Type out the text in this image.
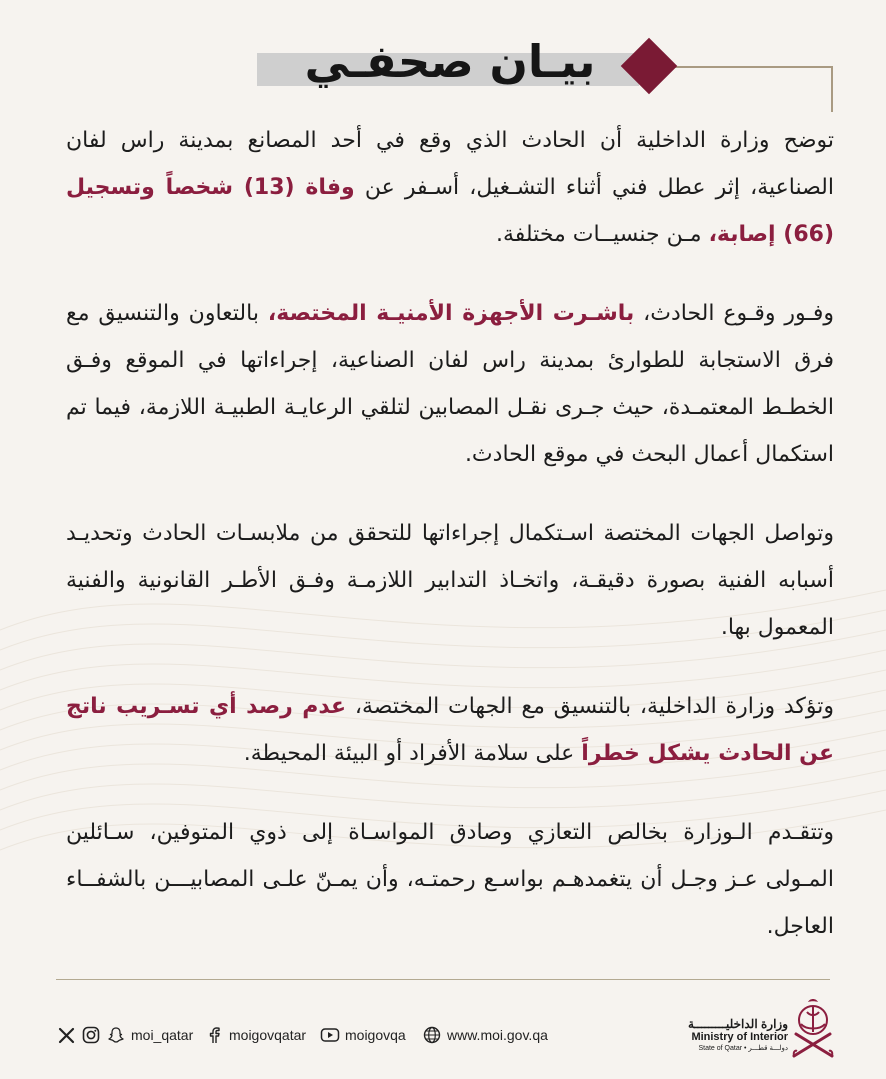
بيـان صحفـي

توضح وزارة الداخلية أن الحادث الذي وقع في أحد المصانع بمدينة راس لفان الصناعية، إثر عطل فني أثناء التشـغيل، أسـفر عن وفاة (13) شخصاً وتسجيل (66) إصابة، مـن جنسيــات مختلفة.

وفـور وقـوع الحادث، باشـرت الأجهزة الأمنيـة المختصة، بالتعاون والتنسيق مع فرق الاستجابة للطوارئ بمدينة راس لفان الصناعية، إجراءاتها في الموقع وفـق الخطـط المعتمـدة، حيث جـرى نقـل المصابين لتلقي الرعايـة الطبيـة اللازمة، فيما تم استكمال أعمال البحث في موقع الحادث.

وتواصل الجهات المختصة اسـتكمال إجراءاتها للتحقق من ملابسـات الحادث وتحديـد أسبابه الفنية بصورة دقيقـة، واتخـاذ التدابير اللازمـة وفـق الأطـر القانونية والفنية المعمول بها.

وتؤكد وزارة الداخلية، بالتنسيق مع الجهات المختصة، عدم رصد أي تسـريب ناتج عن الحادث يشكل خطراً على سلامة الأفراد أو البيئة المحيطة.

وتتقـدم الـوزارة بخالص التعازي وصادق المواسـاة إلى ذوي المتوفين، سـائلين المـولى عـز وجـل أن يتغمدهـم بواسـع رحمتـه، وأن يمـنّ علـى المصابيـــن بالشفــاء العاجل.

moi_qatar	moigovqatar	moigovqa	www.moi.gov.qa
وزارة الداخليـــــــــة
Ministry of Interior
State of Qatar • دولـــة قطـــر
